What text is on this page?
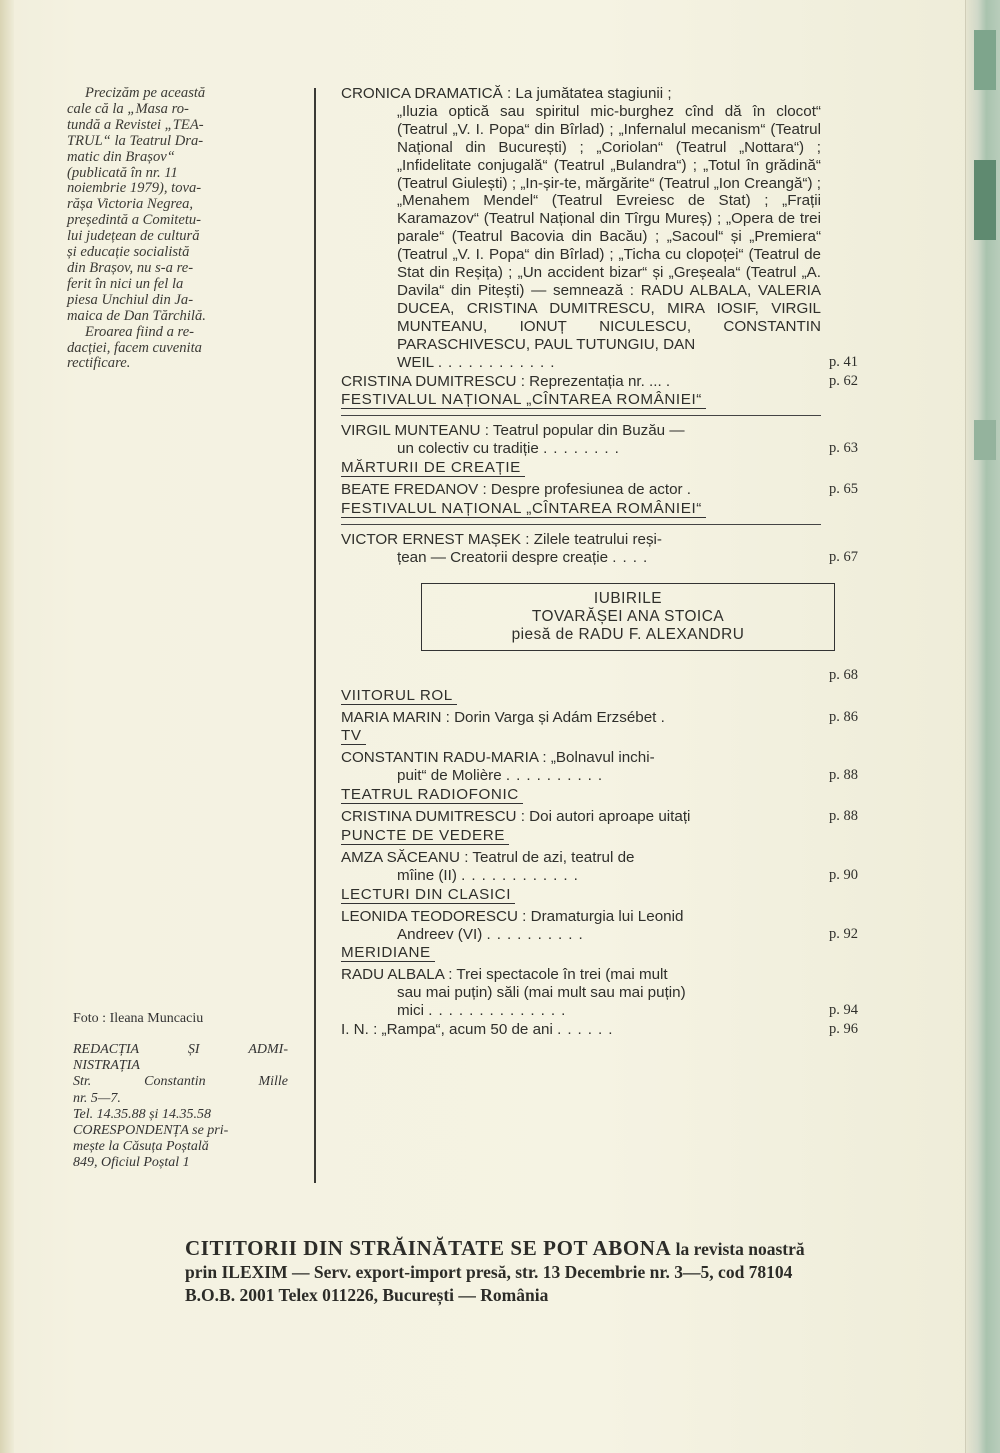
Precizăm pe această
cale că la „Masa ro-
tundă a Revistei „TEA-
TRUL“ la Teatrul Dra-
matic din Brașov“
(publicată în nr. 11
noiembrie 1979), tova-
rășa Victoria Negrea,
președintă a Comitetu-
lui județean de cultură
și educație socialistă
din Brașov, nu s-a re-
ferit în nici un fel la
piesa Unchiul din Ja-
maica de Dan Tărchilă.
Eroarea fiind a re-
dacției, facem cuvenita
rectificare.
Foto : Ileana Muncaciu
REDACȚIA	ȘI	ADMI-
NISTRAȚIA
Str.	Constantin	Mille
nr. 5—7.
Tel. 14.35.88 și 14.35.58
CORESPONDENȚA se pri-
mește la Căsuța Poștală
849, Oficiul Poștal 1
CRONICA DRAMATICĂ : La jumătatea stagiunii ;
„Iluzia optică sau spiritul mic-burghez cînd dă în clocot“ (Teatrul „V. I. Popa“ din Bîrlad) ; „Infernalul mecanism“ (Teatrul Național din București) ; „Coriolan“ (Teatrul „Nottara“) ; „Infidelitate conjugală“ (Teatrul „Bulandra“) ; „Totul în grădină“ (Teatrul Giulești) ; „In-șir-te, mărgărite“ (Teatrul „Ion Creangă“) ; „Menahem Mendel“ (Teatrul Evreiesc de Stat) ; „Frații Karamazov“ (Teatrul Național din Tîrgu Mureș) ; „Opera de trei parale“ (Teatrul Bacovia din Bacău) ; „Sacoul“ și „Premiera“ (Teatrul „V. I. Popa“ din Bîrlad) ; „Ticha cu clopoței“ (Teatrul de Stat din Reșița) ; „Un accident bizar“ și „Greșeala“ (Teatrul „A. Davila“ din Pitești) — semnează : RADU ALBALA, VALERIA DUCEA, CRISTINA DUMITRESCU, MIRA IOSIF, VIRGIL MUNTEANU, IONUȚ NICULESCU, CONSTANTIN PARASCHIVESCU, PAUL TUTUNGIU, DAN
WEIL ............	p. 41
CRISTINA DUMITRESCU : Reprezentația nr. ... .	p. 62
FESTIVALUL NAȚIONAL „CÎNTAREA ROMÂNIEI“
VIRGIL MUNTEANU : Teatrul popular din Buzău —
un colectiv cu tradiție ........	p. 63
MĂRTURII DE CREAȚIE
BEATE FREDANOV : Despre profesiunea de actor .	p. 65
FESTIVALUL NAȚIONAL „CÎNTAREA ROMÂNIEI“
VICTOR ERNEST MAȘEK : Zilele teatrului reși-
țean — Creatorii despre creație ....	p. 67
IUBIRILE
TOVARĂȘEI ANA STOICA
piesă de RADU F. ALEXANDRU
p. 68
VIITORUL ROL
MARIA MARIN : Dorin Varga și Adám Erzsébet .	p. 86
TV
CONSTANTIN RADU-MARIA : „Bolnavul inchi-
puit“ de Molière ..........	p. 88
TEATRUL RADIOFONIC
CRISTINA DUMITRESCU : Doi autori aproape uitați	p. 88
PUNCTE DE VEDERE
AMZA SĂCEANU : Teatrul de azi, teatrul de
mîine (II) ............	p. 90
LECTURI DIN CLASICI
LEONIDA TEODORESCU : Dramaturgia lui Leonid
Andreev (VI) ..........	p. 92
MERIDIANE
RADU ALBALA : Trei spectacole în trei (mai mult
sau mai puțin) săli (mai mult sau mai puțin)
mici ..............	p. 94
I. N. : „Rampa“, acum 50 de ani ......	p. 96
CITITORII DIN STRĂINĂTATE SE POT ABONA la revista noastră prin ILEXIM — Serv. export-import presă, str. 13 Decembrie nr. 3—5, cod 78104 B.O.B. 2001 Telex 011226, București — România
